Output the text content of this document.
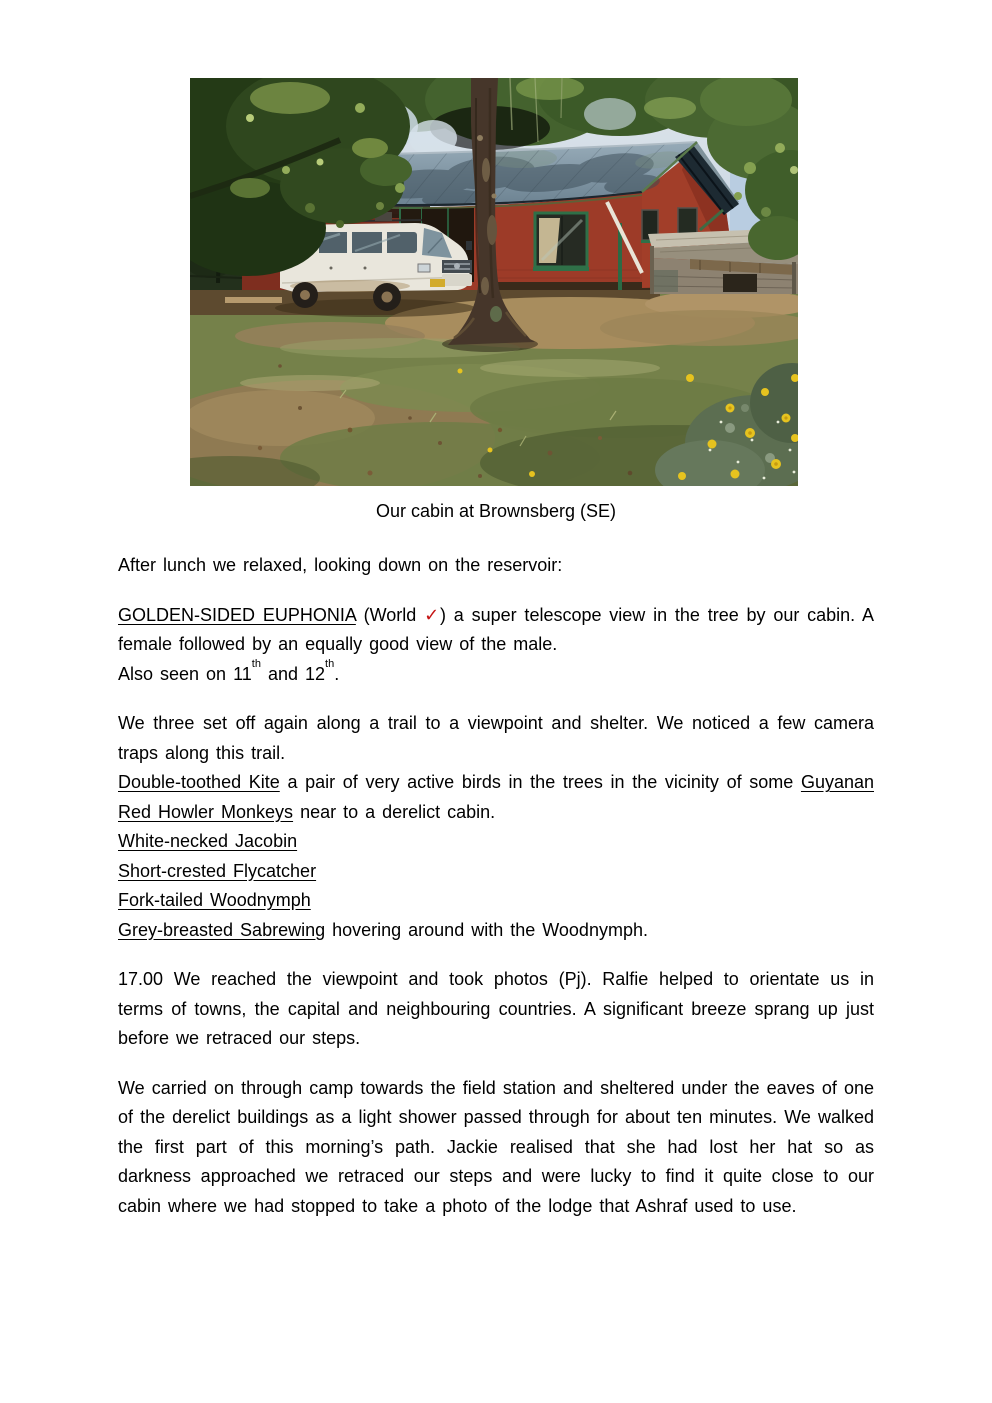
Our cabin at Brownsberg (SE)

After lunch we relaxed, looking down on the reservoir:

GOLDEN-SIDED EUPHONIA (World ✓) a super telescope view in the tree by our cabin. A female followed by an equally good view of the male.

Also seen on 11th and 12th.

We three set off again along a trail to a viewpoint and shelter. We noticed a few camera traps along this trail.

Double-toothed Kite a pair of very active birds in the trees in the vicinity of some Guyanan Red Howler Monkeys near to a derelict cabin.

White-necked Jacobin

Short-crested Flycatcher

Fork-tailed Woodnymph

Grey-breasted Sabrewing hovering around with the Woodnymph.

17.00 We reached the viewpoint and took photos (Pj). Ralfie helped to orientate us in terms of towns, the capital and neighbouring countries. A significant breeze sprang up just before we retraced our steps.

We carried on through camp towards the field station and sheltered under the eaves of one of the derelict buildings as a light shower passed through for about ten minutes. We walked the first part of this morning’s path. Jackie realised that she had lost her hat so as darkness approached we retraced our steps and were lucky to find it quite close to our cabin where we had stopped to take a photo of the lodge that Ashraf used to use.
